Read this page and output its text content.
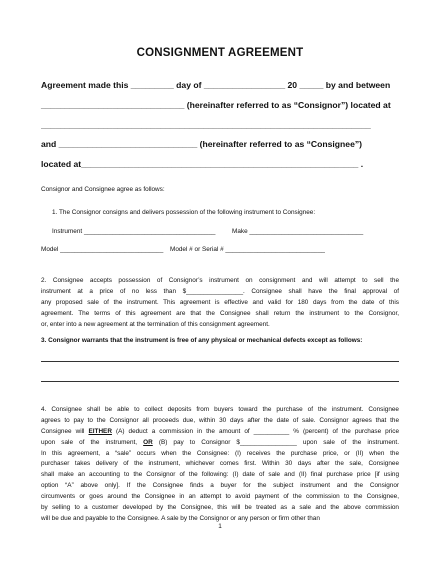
CONSIGNMENT AGREEMENT
Agreement made this _________ day of _________________ 20 _____ by and between
______________________________ (hereinafter referred to as “Consignor”) located at
_____________________________________________________________________
and _____________________________ (hereinafter referred to as “Consignee”)
located at__________________________________________________________ .
Consignor and Consignee agree as follows:
1. The Consignor consigns and delivers possession of the following instrument to Consignee:
Instrument _____________________________________	Make ________________________________
Model _____________________________ Model # or Serial # ____________________________
2. Consignee accepts possession of Consignor’s instrument on consignment and will attempt to sell the
instrument at a price of no less than $________________. Consignee shall have the final approval of
any proposed sale of the instrument. This agreement is effective and valid for 180 days from the date of this
agreement. The terms of this agreement are that the Consignee shall return the instrument to the Consignor,
or, enter into a new agreement at the termination of this consignment agreement.
3. Consignor warrants that the instrument is free of any physical or mechanical defects except as follows:
4. Consignee shall be able to collect deposits from buyers toward the purchase of the instrument. Consignee
agrees to pay to the Consignor all proceeds due, within 30 days after the date of sale. Consignor agrees that the
Consignee will EITHER (A) deduct a commission in the amount of __________ % (percent) of the purchase price
upon sale of the instrument, OR (B) pay to Consignor $________________ upon sale of the instrument.
In this agreement, a “sale” occurs when the Consignee: (I) receives the purchase price, or (II) when the
purchaser takes delivery of the instrument, whichever comes first. Within 30 days after the sale, Consignee
shall make an accounting to the Consignor of the following: (I) date of sale and (II) final purchase price [if using
option “A” above only]. If the Consignee finds a buyer for the subject instrument and the Consignor
circumvents or goes around the Consignee in an attempt to avoid payment of the commission to the Consignee,
by selling to a customer developed by the Consignee, this will be treated as a sale and the above commission
will be due and payable to the Consignee. A sale by the Consignor or any person or firm other than
1
